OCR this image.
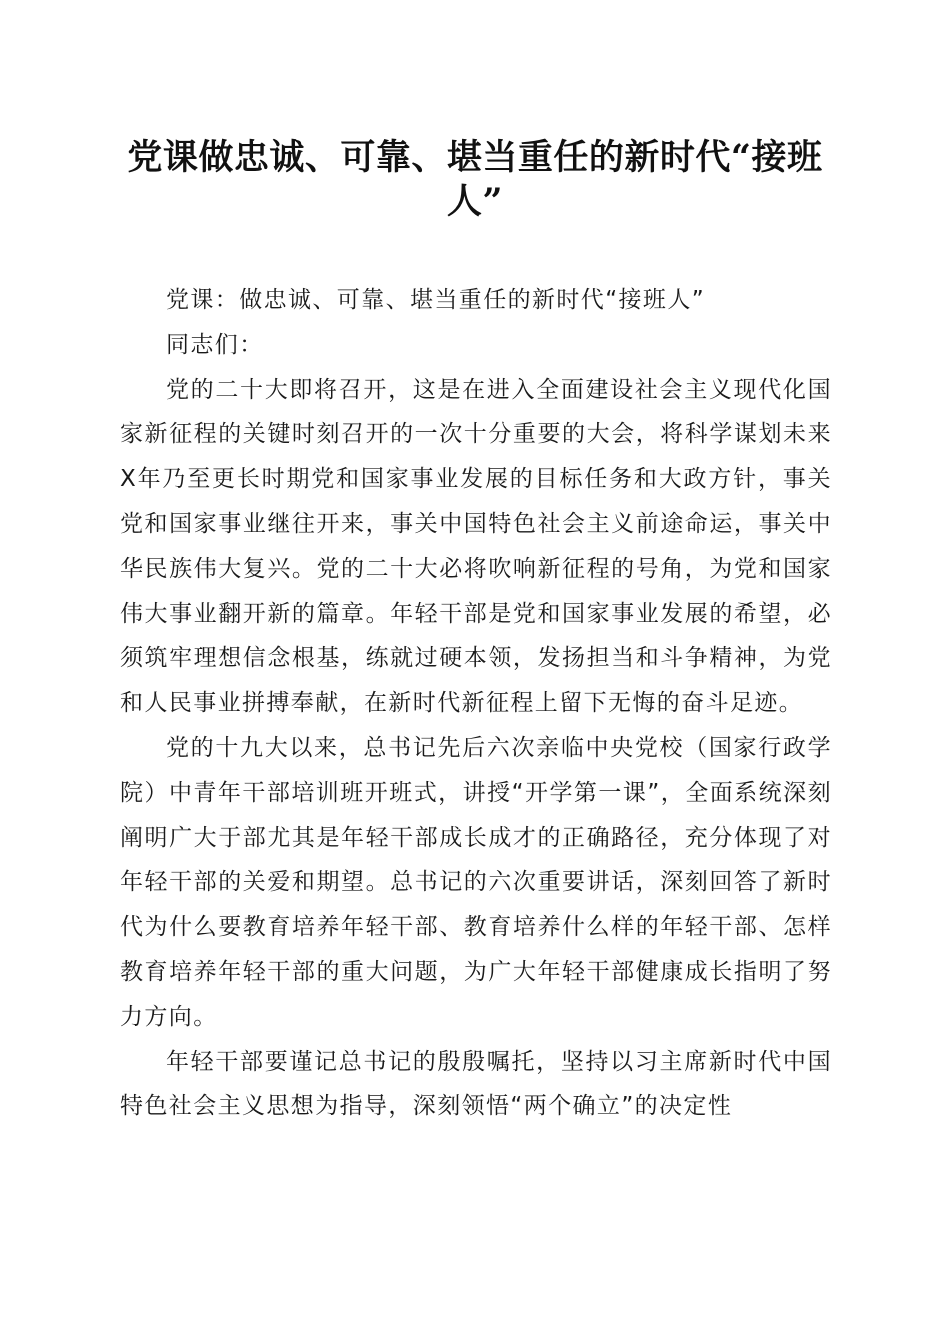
党课做忠诚、可靠、堪当重任的新时代“接班人”

党课：做忠诚、可靠、堪当重任的新时代“接班人”

同志们：

党的二十大即将召开，这是在进入全面建设社会主义现代化国家新征程的关键时刻召开的一次十分重要的大会，将科学谋划未来X年乃至更长时期党和国家事业发展的目标任务和大政方针，事关党和国家事业继往开来，事关中国特色社会主义前途命运，事关中华民族伟大复兴。党的二十大必将吹响新征程的号角，为党和国家伟大事业翻开新的篇章。年轻干部是党和国家事业发展的希望，必须筑牢理想信念根基，练就过硬本领，发扬担当和斗争精神，为党和人民事业拼搏奉献，在新时代新征程上留下无悔的奋斗足迹。

党的十九大以来，总书记先后六次亲临中央党校（国家行政学院）中青年干部培训班开班式，讲授“开学第一课”，全面系统深刻阐明广大于部尤其是年轻干部成长成才的正确路径，充分体现了对年轻干部的关爱和期望。总书记的六次重要讲话，深刻回答了新时代为什么要教育培养年轻干部、教育培养什么样的年轻干部、怎样教育培养年轻干部的重大问题，为广大年轻干部健康成长指明了努力方向。

年轻干部要谨记总书记的殷殷嘱托，坚持以习主席新时代中国特色社会主义思想为指导，深刻领悟“两个确立”的决定性
